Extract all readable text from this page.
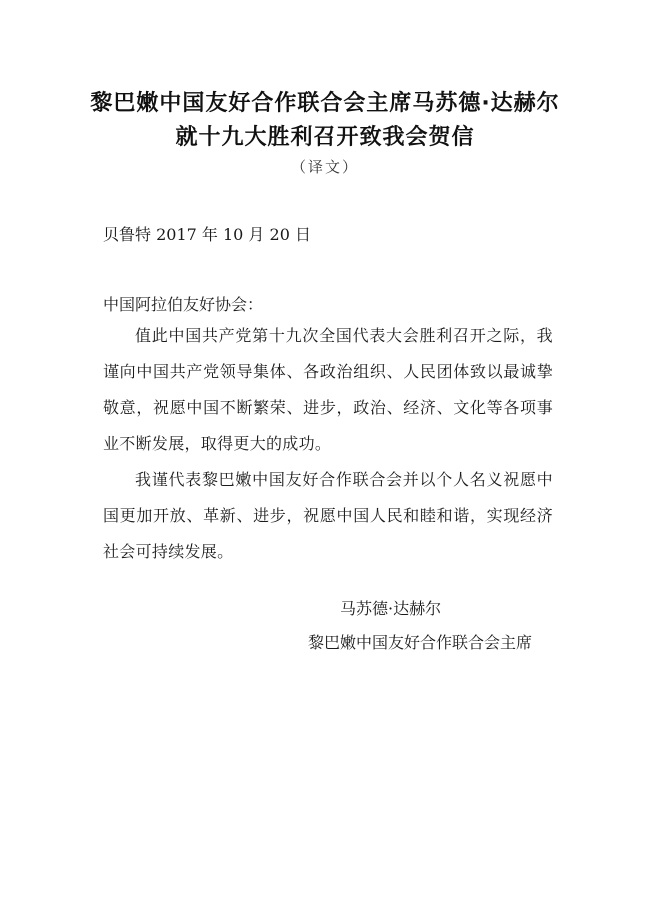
黎巴嫩中国友好合作联合会主席马苏德·达赫尔
就十九大胜利召开致我会贺信
（译文）
贝鲁特 2017 年 10 月 20 日
中国阿拉伯友好协会：

值此中国共产党第十九次全国代表大会胜利召开之际，我谨向中国共产党领导集体、各政治组织、人民团体致以最诚挚敬意，祝愿中国不断繁荣、进步，政治、经济、文化等各项事业不断发展，取得更大的成功。

我谨代表黎巴嫩中国友好合作联合会并以个人名义祝愿中国更加开放、革新、进步，祝愿中国人民和睦和谐，实现经济社会可持续发展。

马苏德·达赫尔
黎巴嫩中国友好合作联合会主席
